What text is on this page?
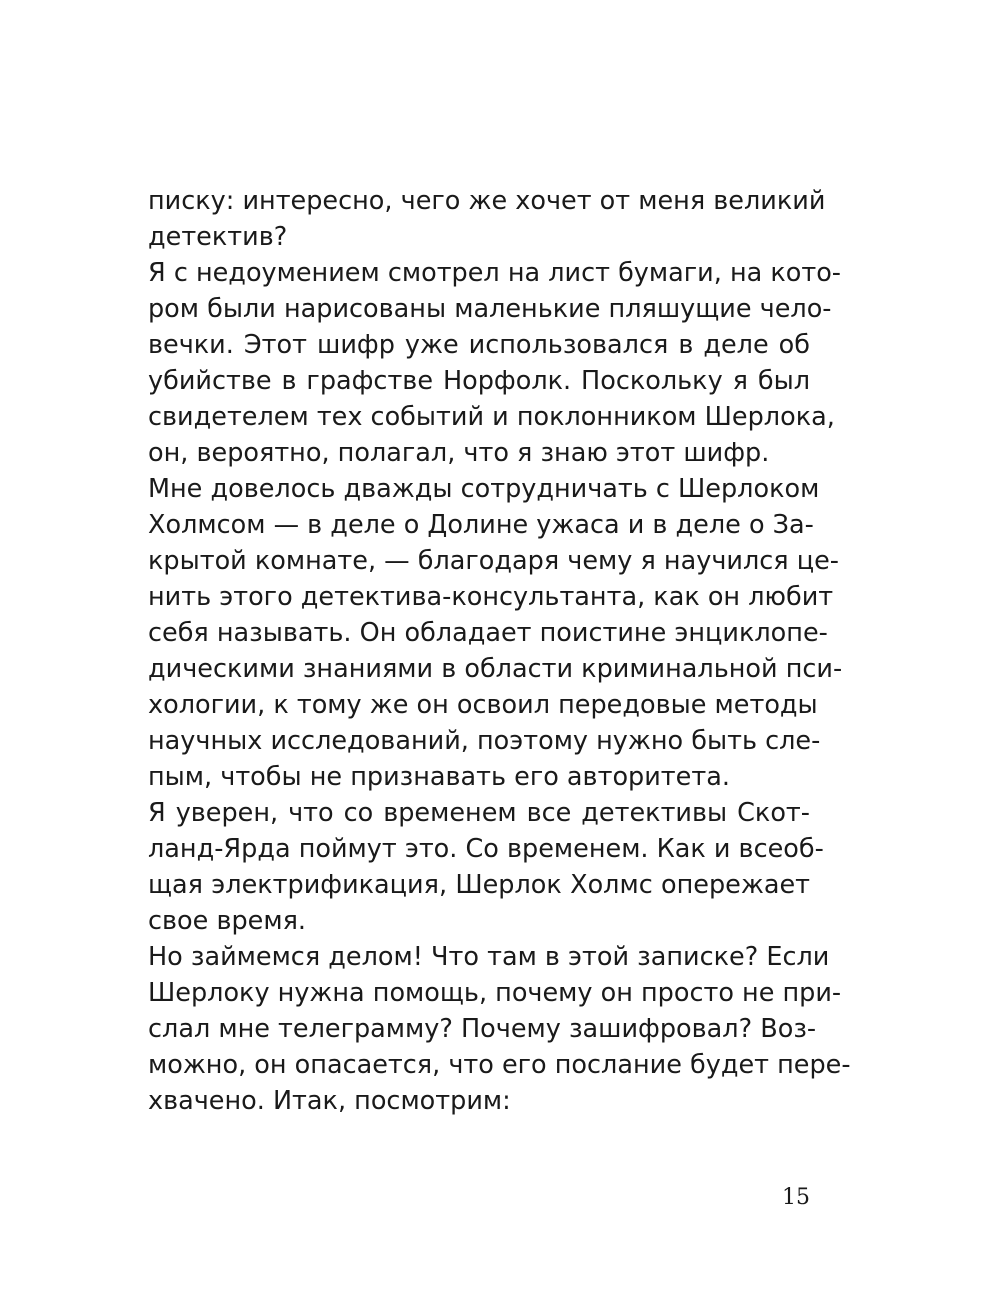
писку: интересно, чего же хочет от меня великий
детектив?
Я с недоумением смотрел на лист бумаги, на кото-
ром были нарисованы маленькие пляшущие чело-
вечки. Этот шифр уже использовался в деле об
убийстве в графстве Норфолк. Поскольку я был
свидетелем тех событий и поклонником Шерлока,
он, вероятно, полагал, что я знаю этот шифр.
Мне довелось дважды сотрудничать с Шерлоком
Холмсом — в деле о Долине ужаса и в деле о За-
крытой комнате, — благодаря чему я научился це-
нить этого детектива-консультанта, как он любит
себя называть. Он обладает поистине энциклопе-
дическими знаниями в области криминальной пси-
хологии, к тому же он освоил передовые методы
научных исследований, поэтому нужно быть сле-
пым, чтобы не признавать его авторитета.
Я уверен, что со временем все детективы Скот-
ланд-Ярда поймут это. Со временем. Как и всеоб-
щая электрификация, Шерлок Холмс опережает
свое время.
Но займемся делом! Что там в этой записке? Если
Шерлоку нужна помощь, почему он просто не при-
слал мне телеграмму? Почему зашифровал? Воз-
можно, он опасается, что его послание будет пере-
хвачено. Итак, посмотрим:
15
